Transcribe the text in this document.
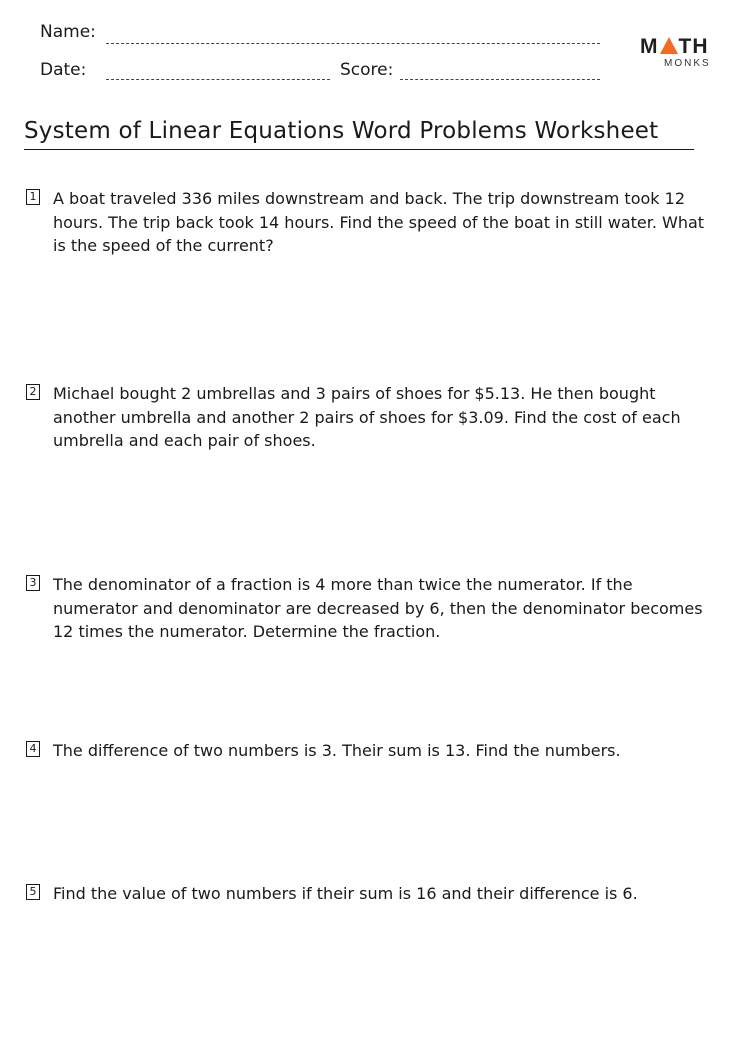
Name:
Date:	Score:
M TH
MONKS
System of Linear Equations Word Problems Worksheet
1 A boat traveled 336 miles downstream and back. The trip downstream took 12 hours. The trip back took 14 hours. Find the speed of the boat in still water. What is the speed of the current?
2 Michael bought 2 umbrellas and 3 pairs of shoes for $5.13. He then bought another umbrella and another 2 pairs of shoes for $3.09. Find the cost of each umbrella and each pair of shoes.
3 The denominator of a fraction is 4 more than twice the numerator. If the numerator and denominator are decreased by 6, then the denominator becomes 12 times the numerator. Determine the fraction.
4 The difference of two numbers is 3. Their sum is 13. Find the numbers.
5 Find the value of two numbers if their sum is 16 and their difference is 6.
